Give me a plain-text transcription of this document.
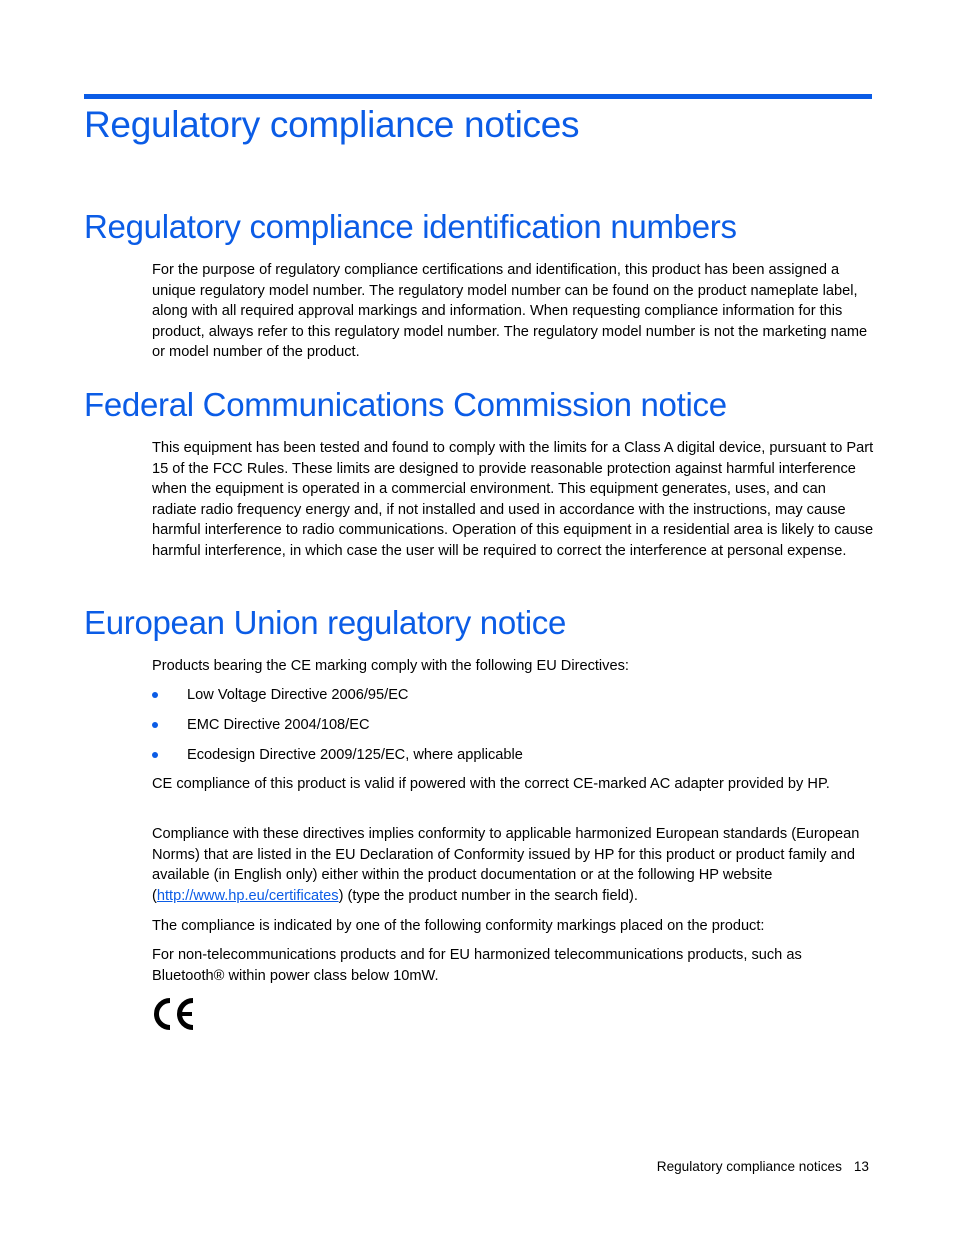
Regulatory compliance notices
Regulatory compliance identification numbers

For the purpose of regulatory compliance certifications and identification, this product has been assigned a unique regulatory model number. The regulatory model number can be found on the product nameplate label, along with all required approval markings and information. When requesting compliance information for this product, always refer to this regulatory model number. The regulatory model number is not the marketing name or model number of the product.

Federal Communications Commission notice

This equipment has been tested and found to comply with the limits for a Class A digital device, pursuant to Part 15 of the FCC Rules. These limits are designed to provide reasonable protection against harmful interference when the equipment is operated in a commercial environment. This equipment generates, uses, and can radiate radio frequency energy and, if not installed and used in accordance with the instructions, may cause harmful interference to radio communications. Operation of this equipment in a residential area is likely to cause harmful interference, in which case the user will be required to correct the interference at personal expense.

European Union regulatory notice

Products bearing the CE marking comply with the following EU Directives:

Low Voltage Directive 2006/95/EC
EMC Directive 2004/108/EC
Ecodesign Directive 2009/125/EC, where applicable

CE compliance of this product is valid if powered with the correct CE-marked AC adapter provided by HP.

Compliance with these directives implies conformity to applicable harmonized European standards (European Norms) that are listed in the EU Declaration of Conformity issued by HP for this product or product family and available (in English only) either within the product documentation or at the following HP website (http://www.hp.eu/certificates) (type the product number in the search field).

The compliance is indicated by one of the following conformity markings placed on the product:

For non-telecommunications products and for EU harmonized telecommunications products, such as Bluetooth® within power class below 10mW.

Regulatory compliance notices 13
